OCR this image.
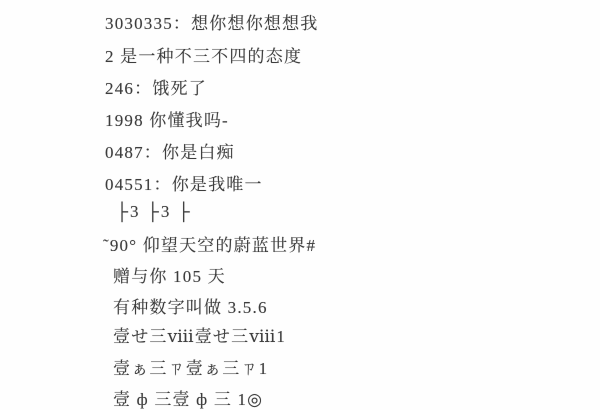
3030335：想你想你想想我
2 是一种不三不四的态度
246：饿死了
1998 你懂我吗-
0487：你是白痴
04551：你是我唯一
├3 ├3 ├
˜90° 仰望天空的蔚蓝世界#
赠与你 105 天
有种数字叫做 3.5.6
壹せ三ⅷ壹せ三ⅷ1
壹ぁ三ㄗ壹ぁ三ㄗ1
壹 ф 三壹 ф 三 1◎
